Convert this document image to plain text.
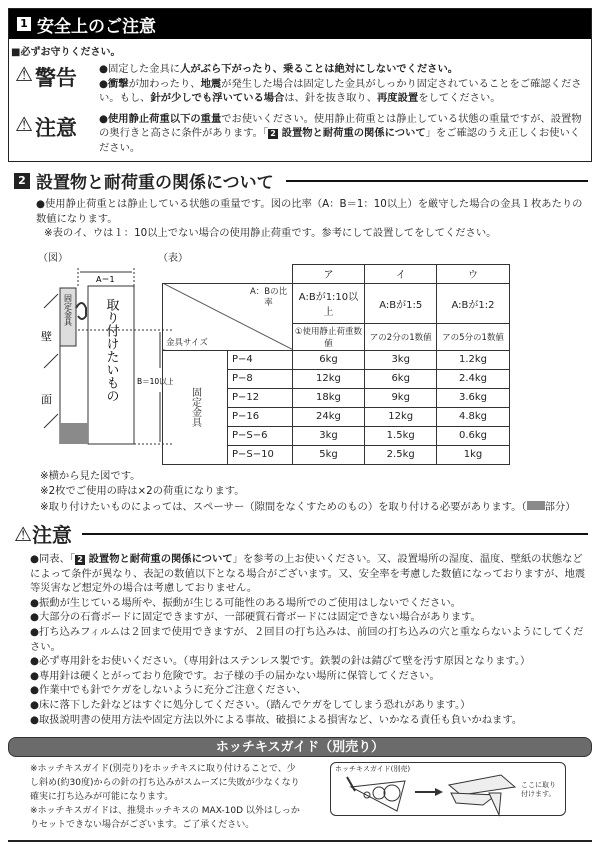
1 安全上のご注意
■必ずお守りください。
⚠ 警告 ●固定した金具に人がぶら下がったり、乗ることは絶対にしないでください。
●衝撃が加わったり、地震が発生した場合は固定した金具がしっかり固定されていることをご確認ください。もし、針が少しでも浮いている場合は、針を抜き取り、再度設置をしてください。
⚠ 注意 ●使用静止荷重以下の重量でお使いください。使用静止荷重とは静止している状態の重量ですが、設置物の奥行きと高さに条件があります。「 2 設置物と耐荷重の関係について」をご確認のうえ正しくお使いください。
2 設置物と耐荷重の関係について
●使用静止荷重とは静止している状態の重量です。図の比率（A：B＝1：10以上）を厳守した場合の金具１枚あたりの数値になります。
※表のイ、ウは１：10以上でない場合の使用静止荷重です。参考にして設置してをしてください。
（図）
A＝1
B＝10以上
壁
面
固定金具 取り付けたいもの
（表）
		ア	イ	ウ

A：Bの比率
金具サイズ		A:Bが1:10以上	A:Bが1:5	A:Bが1:2
		①使用静止荷重数値	アの2分の1数値	アの5分の1数値
固定金具	P−4	6kg	3kg	1.2kg
	P−8	12kg	6kg	2.4kg
	P−12	18kg	9kg	3.6kg
	P−16	24kg	12kg	4.8kg
	P−S−6	3kg	1.5kg	0.6kg
	P−S−10	5kg	2.5kg	1kg
※横から見た図です。
※2枚でご使用の時は×2の荷重になります。
※取り付けたいものによっては、スペーサー（隙間をなくすためのもの）を取り付ける必要があります。（ 部分）
⚠ 注意
●同表、「 2 設置物と耐荷重の関係について」を参考の上お使いください。又、設置場所の湿度、温度、壁紙の状態などによって条件が異なり、表記の数値以下となる場合がございます。又、安全率を考慮した数値になっておりますが、地震等災害など想定外の場合は考慮しておりません。
●振動が生じている場所や、振動が生じる可能性のある場所でのご使用はしないでください。
●大部分の石膏ボードに固定できますが、一部硬質石膏ボードには固定できない場合があります。
●打ち込みフィルムは２回まで使用できますが、２回目の打ち込みは、前回の打ち込みの穴と重ならないようにしてください。
●必ず専用針をお使いください。（専用針はステンレス製です。鉄製の針は錆びて壁を汚す原因となります。）
●専用針は硬くとがっており危険です。お子様の手の届かない場所に保管してください。
●作業中でも針でケガをしないように充分ご注意ください、
●床に落下した針などはすぐに処分してください。（踏んでケガをしてしまう恐れがあります。）
●取扱説明書の使用方法や固定方法以外による事故、破損による損害など、いかなる責任も負いかねます。
ホッチキスガイド（別売り）
※ホッチキスガイド(別売り)をホッチキスに取り付けることで、少し斜め(約30度)からの針の打ち込みがスムーズに失敗が少なくなり確実に打ち込みが可能になります。
※ホッチキスガイドは、推奨ホッチキスの MAX-10D 以外はしっかりセットできない場合がございます。ご了承ください。
ホッチキスガイド(別売)
ここに取り付けます。
